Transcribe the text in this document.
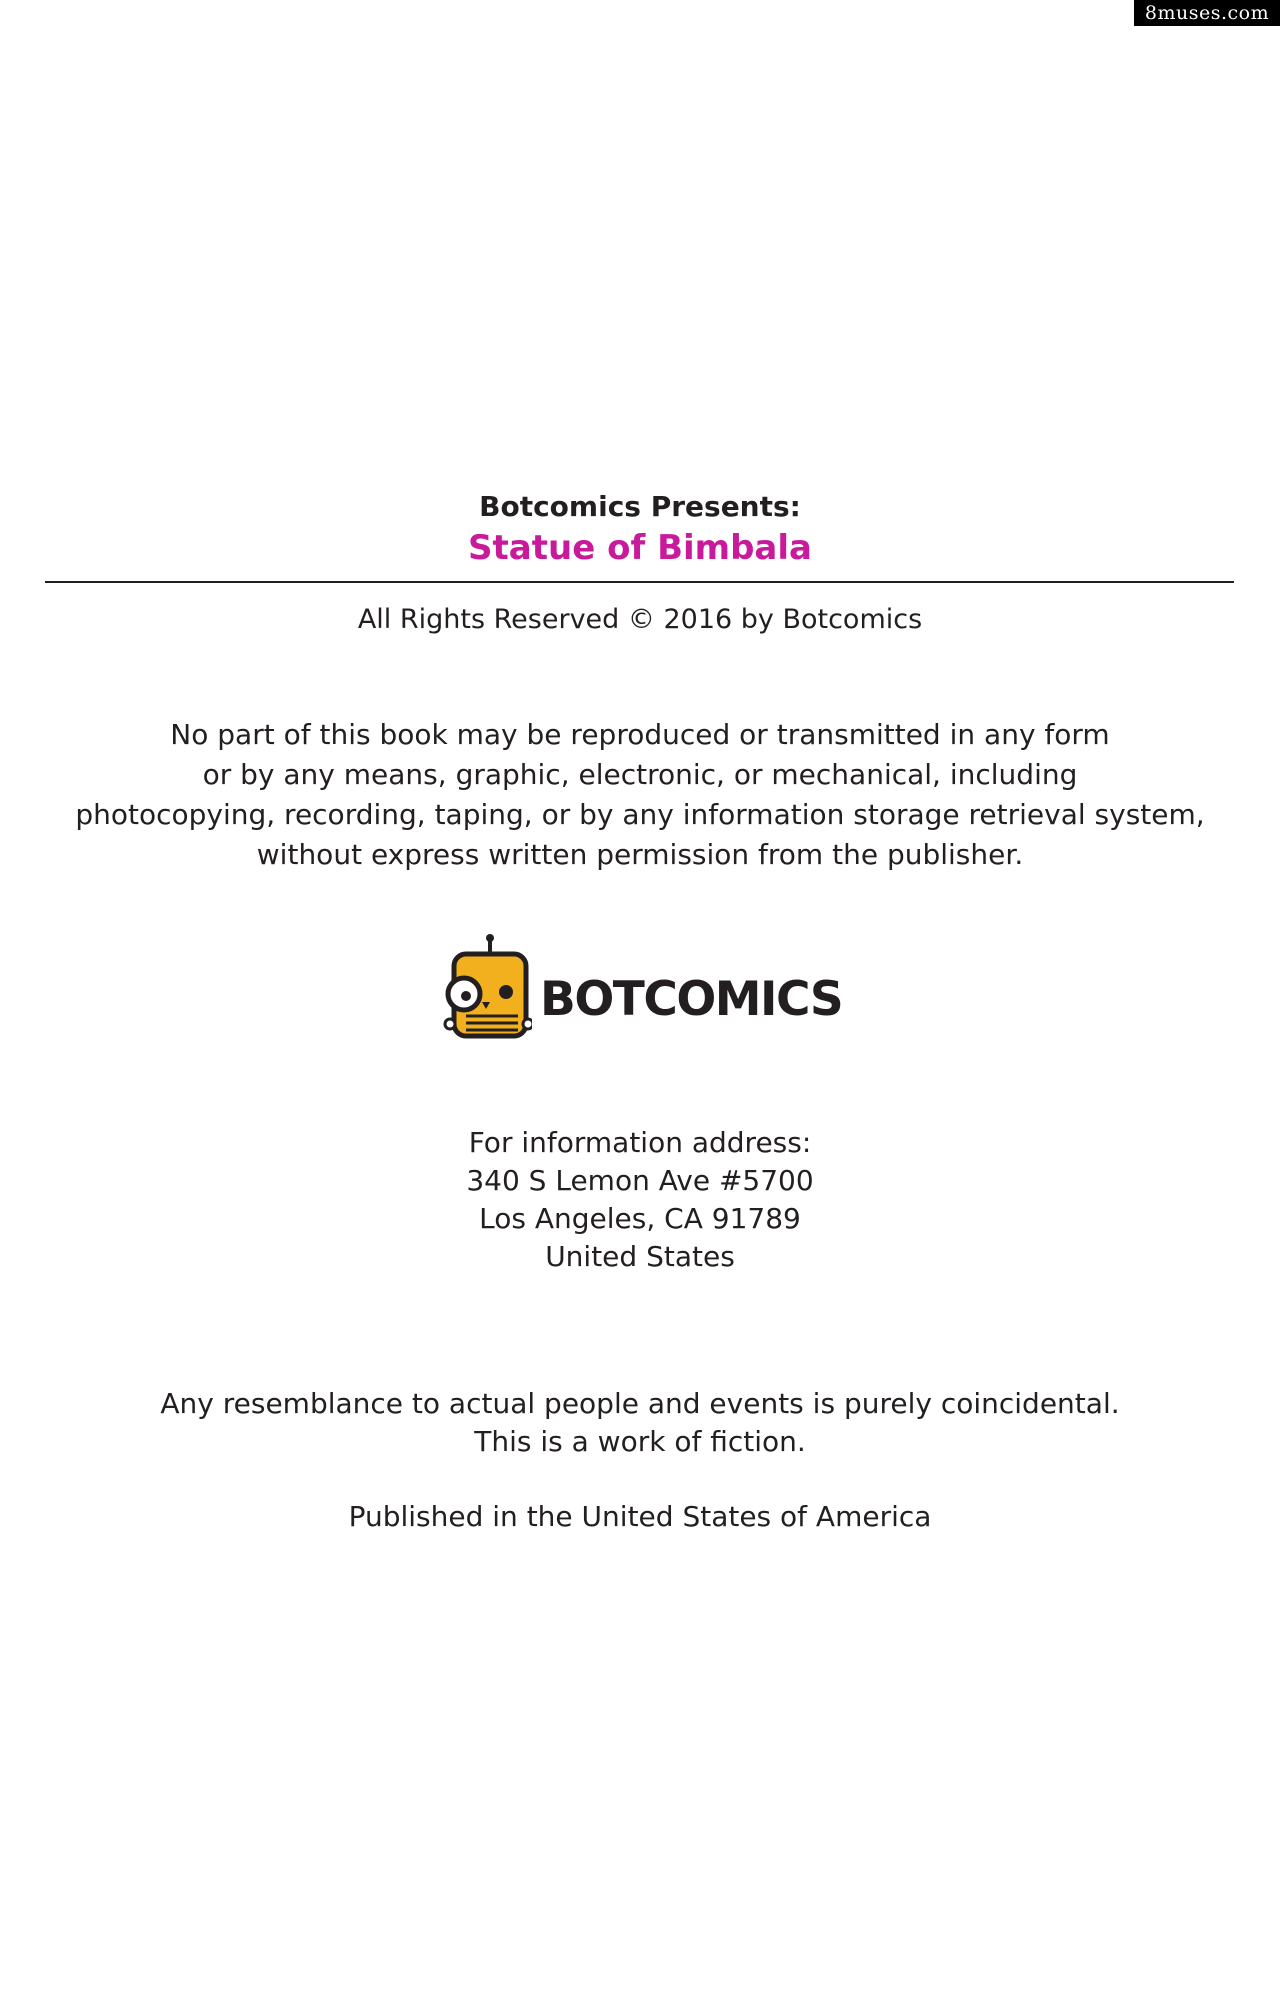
8muses.com
Botcomics Presents:
Statue of Bimbala
All Rights Reserved © 2016 by Botcomics
No part of this book may be reproduced or transmitted in any form
or by any means, graphic, electronic, or mechanical, including
photocopying, recording, taping, or by any information storage retrieval system,
without express written permission from the publisher.
BOTCOMICS
For information address:
340 S Lemon Ave #5700
Los Angeles, CA 91789
United States
Any resemblance to actual people and events is purely coincidental.
This is a work of fiction.
Published in the United States of America
